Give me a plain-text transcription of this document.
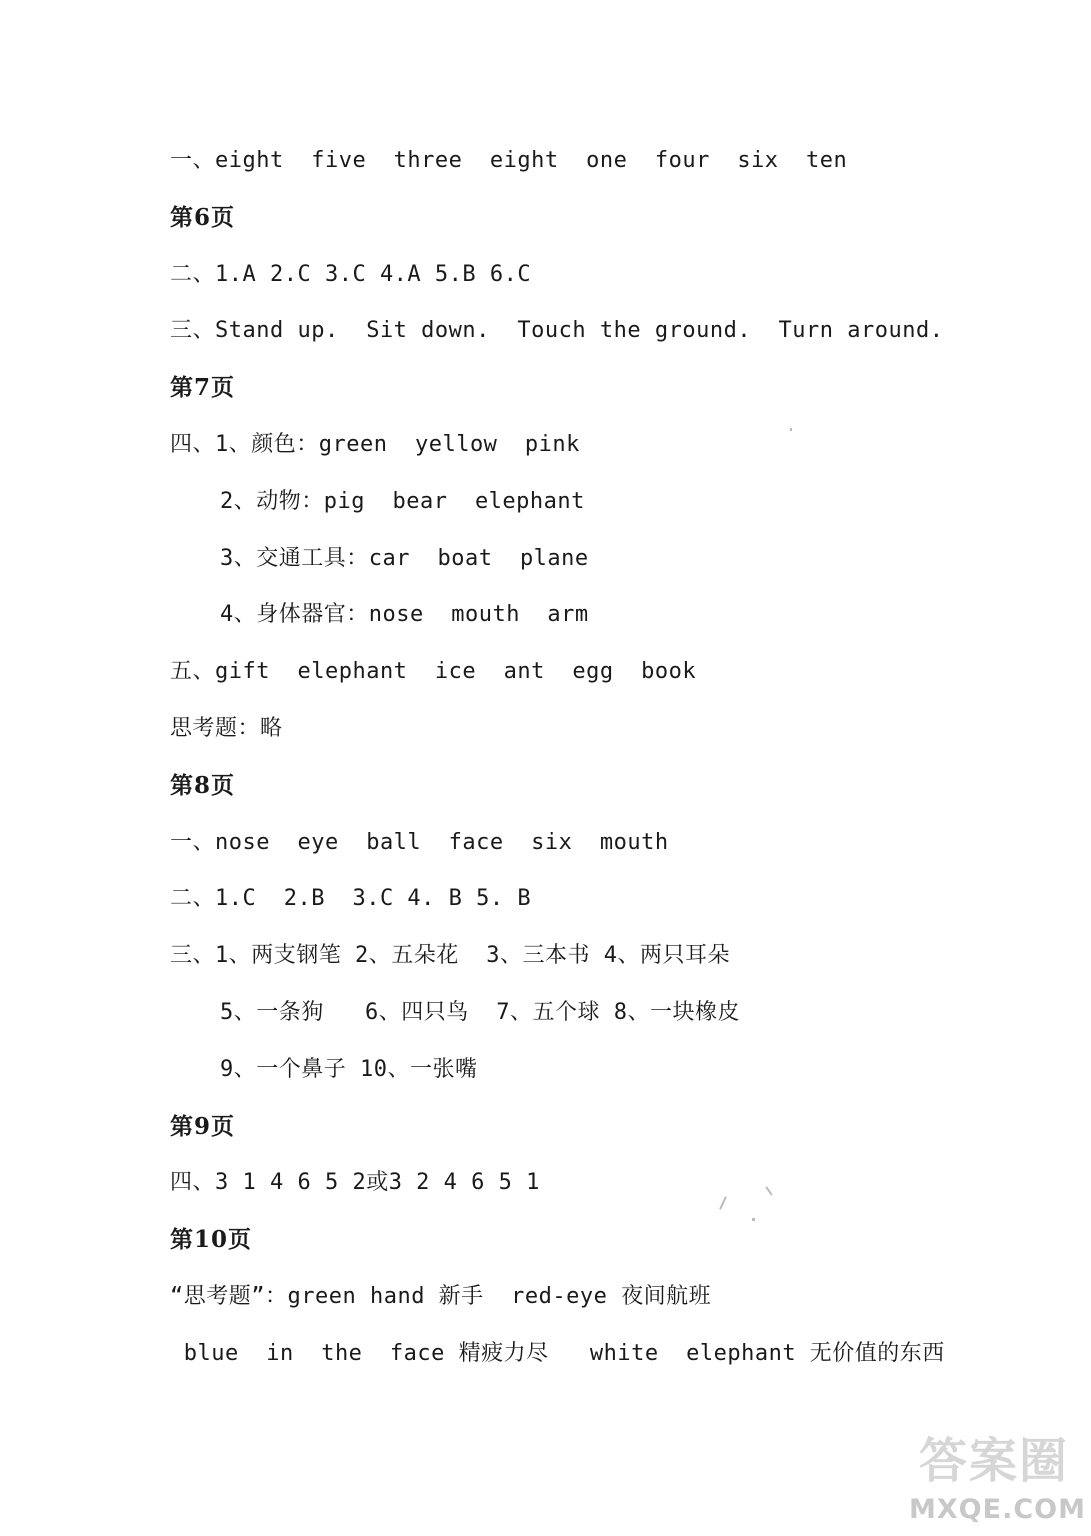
一、eight  five  three  eight  one  four  six  ten
第6页
二、1.A 2.C 3.C 4.A 5.B 6.C
三、Stand up.  Sit down.  Touch the ground.  Turn around.
第7页
四、1、颜色：green  yellow  pink
2、动物：pig  bear  elephant
3、交通工具：car  boat  plane
4、身体器官：nose  mouth  arm
五、gift  elephant  ice  ant  egg  book
思考题：略
第8页
一、nose  eye  ball  face  six  mouth
二、1.C  2.B  3.C 4. B 5. B
三、1、两支钢笔 2、五朵花  3、三本书 4、两只耳朵
5、一条狗   6、四只鸟  7、五个球 8、一块橡皮
9、一个鼻子 10、一张嘴
第9页
四、3 1 4 6 5 2或3 2 4 6 5 1
第10页
“思考题”：green hand 新手  red-eye 夜间航班
blue  in  the  face 精疲力尽   white  elephant 无价值的东西
答案圈
MXQE.COM
